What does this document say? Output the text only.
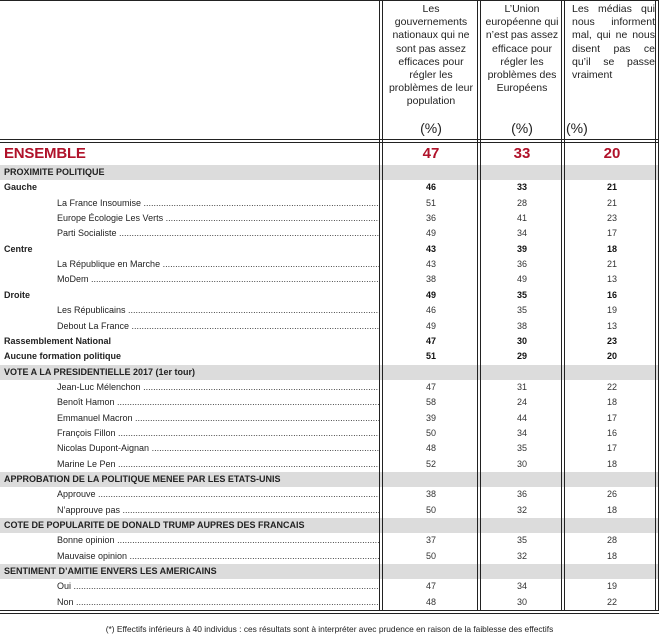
Les gouvernements nationaux qui ne sont pas assez efficaces pour régler les problèmes de leur population
(%)
L’Union européenne qui n’est pas assez efficace pour régler les problèmes des Européens
(%)
Les médias qui nous informent mal, qui ne nous disent pas ce qu’il se passe vraiment
(%)
ENSEMBLE	47	33	20
PROXIMITE POLITIQUE
Gauche	46	33	21
La France Insoumise .....	51	28	21
Europe Écologie Les Verts .....	36	41	23
Parti Socialiste .....	49	34	17
Centre	43	39	18
La République en Marche .....	43	36	21
MoDem .....	38	49	13
Droite	49	35	16
Les Républicains .....	46	35	19
Debout La France .....	49	38	13
Rassemblement National	47	30	23
Aucune formation politique	51	29	20
VOTE A LA PRESIDENTIELLE 2017 (1er tour)
Jean-Luc Mélenchon .....	47	31	22
Benoît Hamon .....	58	24	18
Emmanuel Macron .....	39	44	17
François Fillon .....	50	34	16
Nicolas Dupont-Aignan .....	48	35	17
Marine Le Pen .....	52	30	18
APPROBATION DE LA POLITIQUE MENEE PAR LES ETATS-UNIS
Approuve .....	38	36	26
N’approuve pas .....	50	32	18
COTE DE POPULARITE DE DONALD TRUMP AUPRES DES FRANCAIS
Bonne opinion .....	37	35	28
Mauvaise opinion .....	50	32	18
SENTIMENT D’AMITIE ENVERS LES AMERICAINS
Oui .....	47	34	19
Non .....	48	30	22
(*) Effectifs inférieurs à 40 individus : ces résultats sont à interpréter avec prudence en raison de la faiblesse des effectifs
